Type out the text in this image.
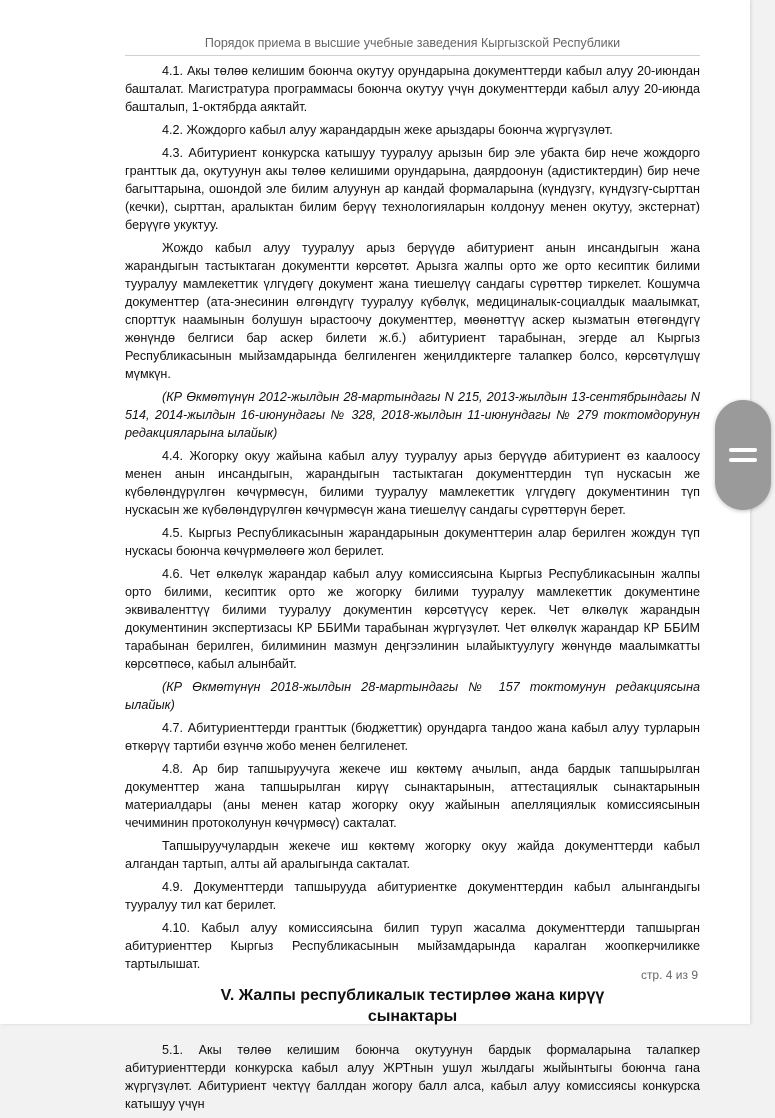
Порядок приема в высшие учебные заведения Кыргызской Республики

4.1. Акы төлөө келишим боюнча окутуу орундарына документтерди кабыл алуу 20-июндан башталат. Магистратура программасы боюнча окутуу үчүн документтерди кабыл алуу 20-июнда башталып, 1-октябрда аяктайт.

4.2. Жождорго кабыл алуу жарандардын жеке арыздары боюнча жүргүзүлөт.

4.3. Абитуриент конкурска катышуу тууралуу арызын бир эле убакта бир нече жождорго гранттык да, окутуунун акы төлөө келишими орундарына, даярдоонун (адистиктердин) бир нече багыттарына, ошондой эле билим алуунун ар кандай формаларына (күндүзгү, күндүзгү-сырттан (кечки), сырттан, аралыктан билим берүү технологияларын колдонуу менен окутуу, экстернат) берүүгө укуктуу.

Жождо кабыл алуу тууралуу арыз берүүдө абитуриент анын инсандыгын жана жарандыгын тастыктаган документти көрсөтөт. Арызга жалпы орто же орто кесиптик билими тууралуу мамлекеттик үлгүдөгү документ жана тиешелүү сандагы сүрөттөр тиркелет. Кошумча документтер (ата-энесинин өлгөндүгү тууралуу күбөлүк, медициналык-социалдык маалымкат, спорттук наамынын болушун ырастоочу документтер, мөөнөттүү аскер кызматын өтөгөндүгү жөнүндө белгиси бар аскер билети ж.б.) абитуриент тарабынан, эгерде ал Кыргыз Республикасынын мыйзамдарында белгиленген жеңилдиктерге талапкер болсо, көрсөтүлүшү мүмкүн.

(КР Өкмөтүнүн 2012-жылдын 28-мартындагы N 215, 2013-жылдын 13-сентябрындагы N 514, 2014-жылдын 16-июнундагы № 328, 2018-жылдын 11-июнундагы № 279 токтомдорунун редакцияларына ылайык)

4.4. Жогорку окуу жайына кабыл алуу тууралуу арыз берүүдө абитуриент өз каалоосу менен анын инсандыгын, жарандыгын тастыктаган документтердин түп нускасын же күбөлөндүрүлгөн көчүрмөсүн, билими тууралуу мамлекеттик үлгүдөгү документинин түп нускасын же күбөлөндүрүлгөн көчүрмөсүн жана тиешелүү сандагы сүрөттөрүн берет.

4.5. Кыргыз Республикасынын жарандарынын документтерин алар берилген жождун түп нускасы боюнча көчүрмөлөөгө жол берилет.

4.6. Чет өлкөлүк жарандар кабыл алуу комиссиясына Кыргыз Республикасынын жалпы орто билими, кесиптик орто же жогорку билими тууралуу мамлекеттик документине эквиваленттүү билими тууралуу документин көрсөтүүсү керек. Чет өлкөлүк жарандын документинин экспертизасы КР ББИМи тарабынан жүргүзүлөт. Чет өлкөлүк жарандар КР ББИМ тарабынан берилген, билиминин мазмун деңгээлинин ылайыктуулугу жөнүндө маалымкатты көрсөтпөсө, кабыл алынбайт.

(КР Өкмөтүнүн 2018-жылдын 28-мартындагы № 157 токтомунун редакциясына ылайык)

4.7. Абитуриенттерди гранттык (бюджеттик) орундарга тандоо жана кабыл алуу турларын өткөрүү тартиби өзүнчө жобо менен белгиленет.

4.8. Ар бир тапшыруучуга жекече иш көктөмү ачылып, анда бардык тапшырылган документтер жана тапшырылган кирүү сынактарынын, аттестациялык сынактарынын материалдары (аны менен катар жогорку окуу жайынын апелляциялык комиссиясынын чечиминин протоколунун көчүрмөсү) сакталат.

Тапшыруучулардын жекече иш көктөмү жогорку окуу жайда документтерди кабыл алгандан тартып, алты ай аралыгында сакталат.

4.9. Документтерди тапшырууда абитуриентке документтердин кабыл алынгандыгы тууралуу тил кат берилет.

4.10. Кабыл алуу комиссиясына билип туруп жасалма документтерди тапшырган абитуриенттер Кыргыз Республикасынын мыйзамдарында каралган жоопкерчиликке тартылышат.

V. Жалпы республикалык тестирлөө жана кирүү
сынактары

5.1. Акы төлөө келишим боюнча окутуунун бардык формаларына талапкер абитуриенттерди конкурска кабыл алуу ЖРТнын ушул жылдагы жыйынтыгы боюнча гана жүргүзүлөт. Абитуриент чектүү баллдан жогору балл алса, кабыл алуу комиссиясы конкурска катышуу үчүн

стр. 4 из 9
